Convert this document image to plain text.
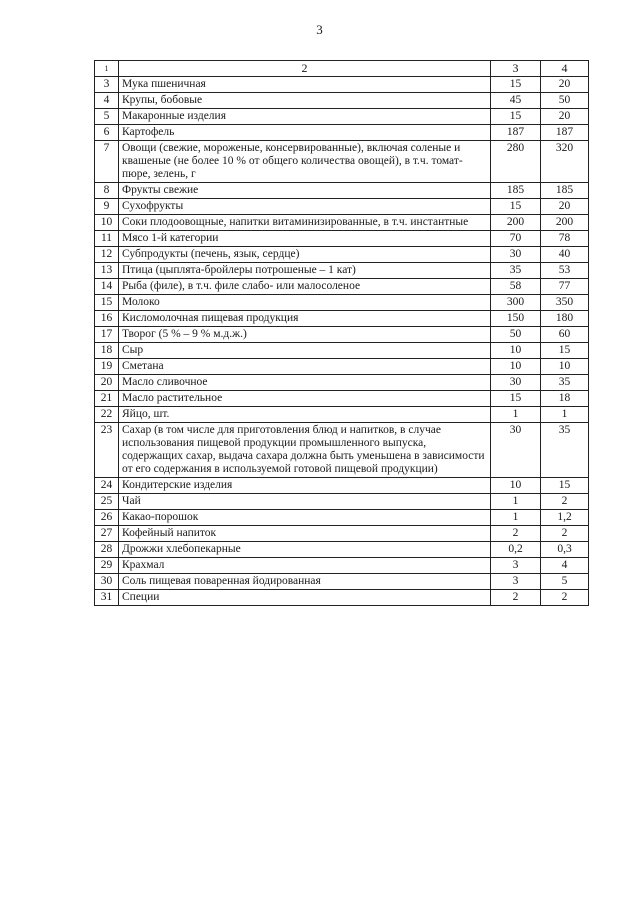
3
1	2	3	4
3	Мука пшеничная	15	20
4	Крупы, бобовые	45	50
5	Макаронные изделия	15	20
6	Картофель	187	187
7	Овощи (свежие, мороженые, консервированные), включая соленые и квашеные (не более 10 % от общего количества овощей), в т.ч. томат-пюре, зелень, г	280	320
8	Фрукты свежие	185	185
9	Сухофрукты	15	20
10	Соки плодоовощные, напитки витаминизированные, в т.ч. инстантные	200	200
11	Мясо 1-й категории	70	78
12	Субпродукты (печень, язык, сердце)	30	40
13	Птица (цыплята-бройлеры потрошеные – 1 кат)	35	53
14	Рыба (филе), в т.ч. филе слабо- или малосоленое	58	77
15	Молоко	300	350
16	Кисломолочная пищевая продукция	150	180
17	Творог (5 % – 9 % м.д.ж.)	50	60
18	Сыр	10	15
19	Сметана	10	10
20	Масло сливочное	30	35
21	Масло растительное	15	18
22	Яйцо, шт.	1	1
23	Сахар (в том числе для приготовления блюд и напитков, в случае использования пищевой продукции промышленного выпуска, содержащих сахар, выдача сахара должна быть уменьшена в зависимости от его содержания в используемой готовой пищевой продукции)	30	35
24	Кондитерские изделия	10	15
25	Чай	1	2
26	Какао-порошок	1	1,2
27	Кофейный напиток	2	2
28	Дрожжи хлебопекарные	0,2	0,3
29	Крахмал	3	4
30	Соль пищевая поваренная йодированная	3	5
31	Специи	2	2
